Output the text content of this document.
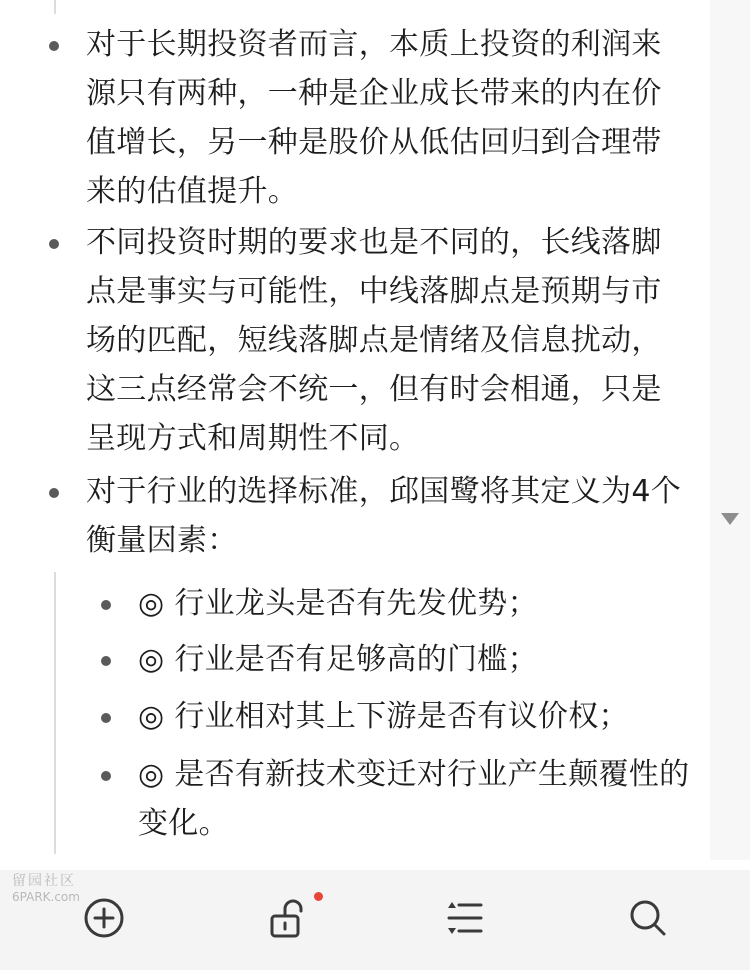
对于长期投资者而言，本质上投资的利润来源只有两种，一种是企业成长带来的内在价值增长，另一种是股价从低估回归到合理带来的估值提升。
不同投资时期的要求也是不同的，长线落脚点是事实与可能性，中线落脚点是预期与市场的匹配，短线落脚点是情绪及信息扰动，这三点经常会不统一，但有时会相通，只是呈现方式和周期性不同。
对于行业的选择标准，邱国鹭将其定义为4个衡量因素：
◎ 行业龙头是否有先发优势；
◎ 行业是否有足够高的门槛；
◎ 行业相对其上下游是否有议价权；
◎ 是否有新技术变迁对行业产生颠覆性的变化。
留园社区
6PARK.com
